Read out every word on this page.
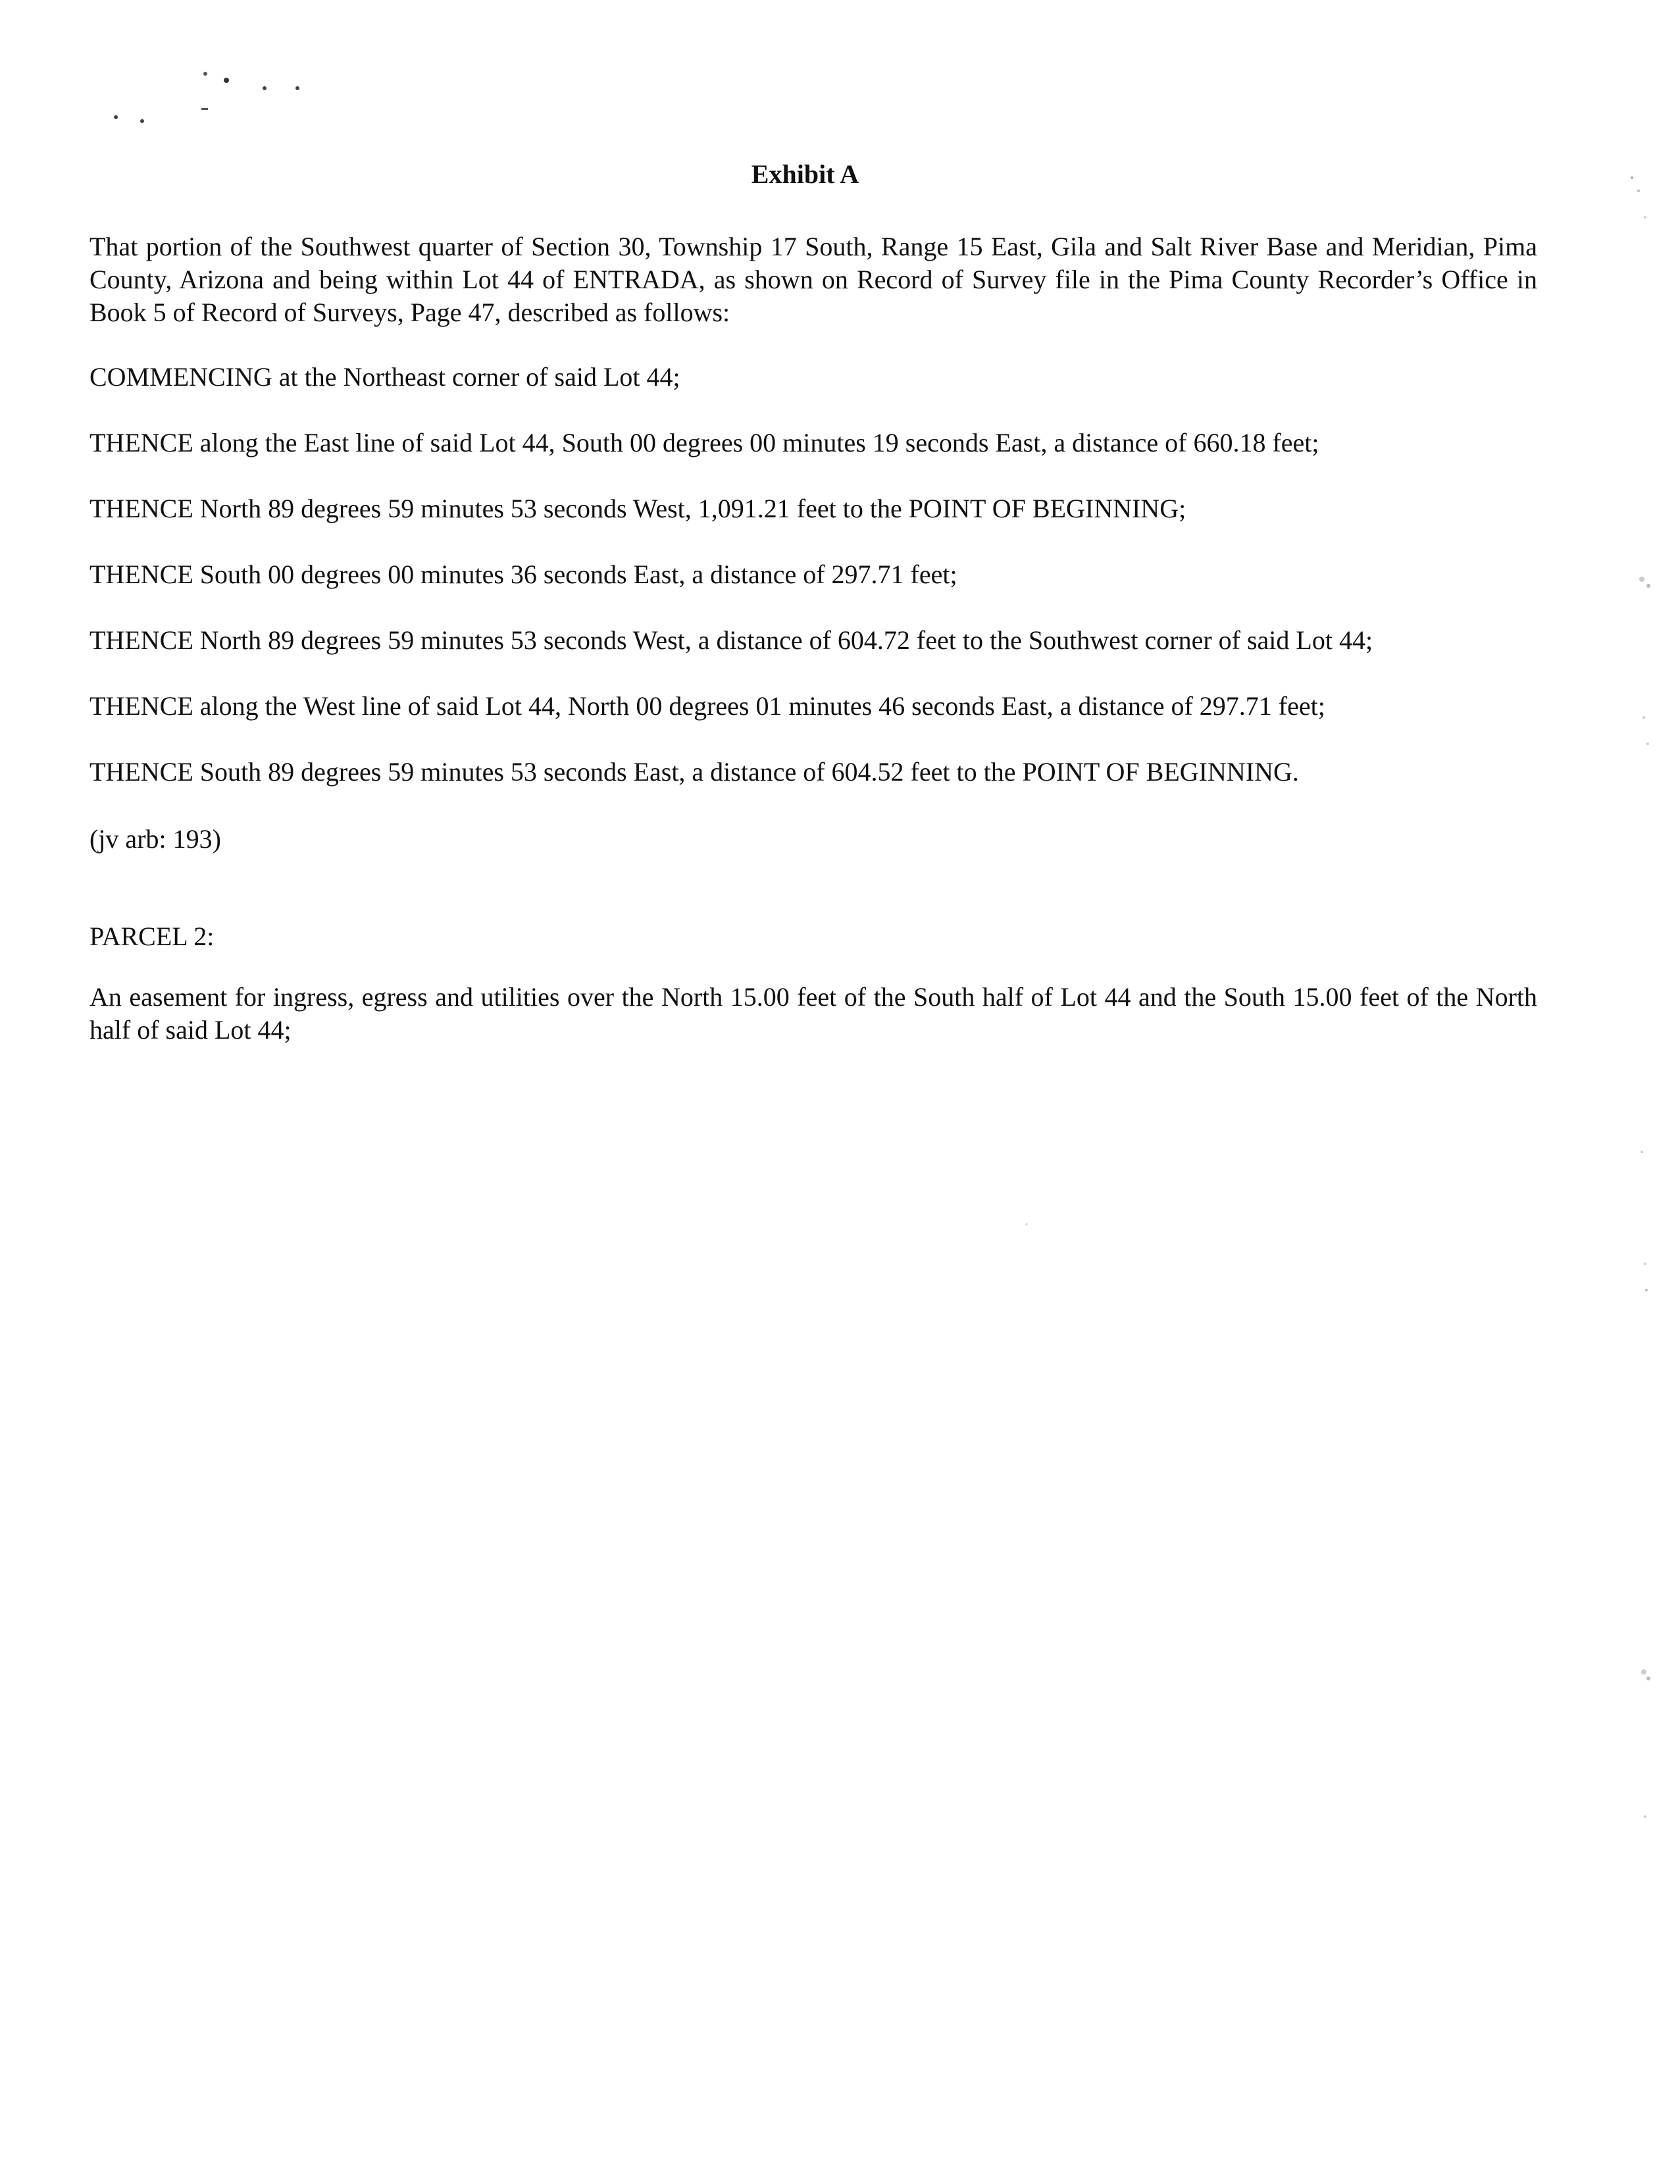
Exhibit A

That portion of the Southwest quarter of Section 30, Township 17 South, Range 15 East, Gila and Salt River Base and Meridian, Pima County, Arizona and being within Lot 44 of ENTRADA, as shown on Record of Survey file in the Pima County Recorder’s Office in Book 5 of Record of Surveys, Page 47, described as follows:

COMMENCING at the Northeast corner of said Lot 44;

THENCE along the East line of said Lot 44, South 00 degrees 00 minutes 19 seconds East, a distance of 660.18 feet;

THENCE North 89 degrees 59 minutes 53 seconds West, 1,091.21 feet to the POINT OF BEGINNING;

THENCE South 00 degrees 00 minutes 36 seconds East, a distance of 297.71 feet;

THENCE North 89 degrees 59 minutes 53 seconds West, a distance of 604.72 feet to the Southwest corner of said Lot 44;

THENCE along the West line of said Lot 44, North 00 degrees 01 minutes 46 seconds East, a distance of 297.71 feet;

THENCE South 89 degrees 59 minutes 53 seconds East, a distance of 604.52 feet to the POINT OF BEGINNING.

(jv arb: 193)

PARCEL 2:

An easement for ingress, egress and utilities over the North 15.00 feet of the South half of Lot 44 and the South 15.00 feet of the North half of said Lot 44;
